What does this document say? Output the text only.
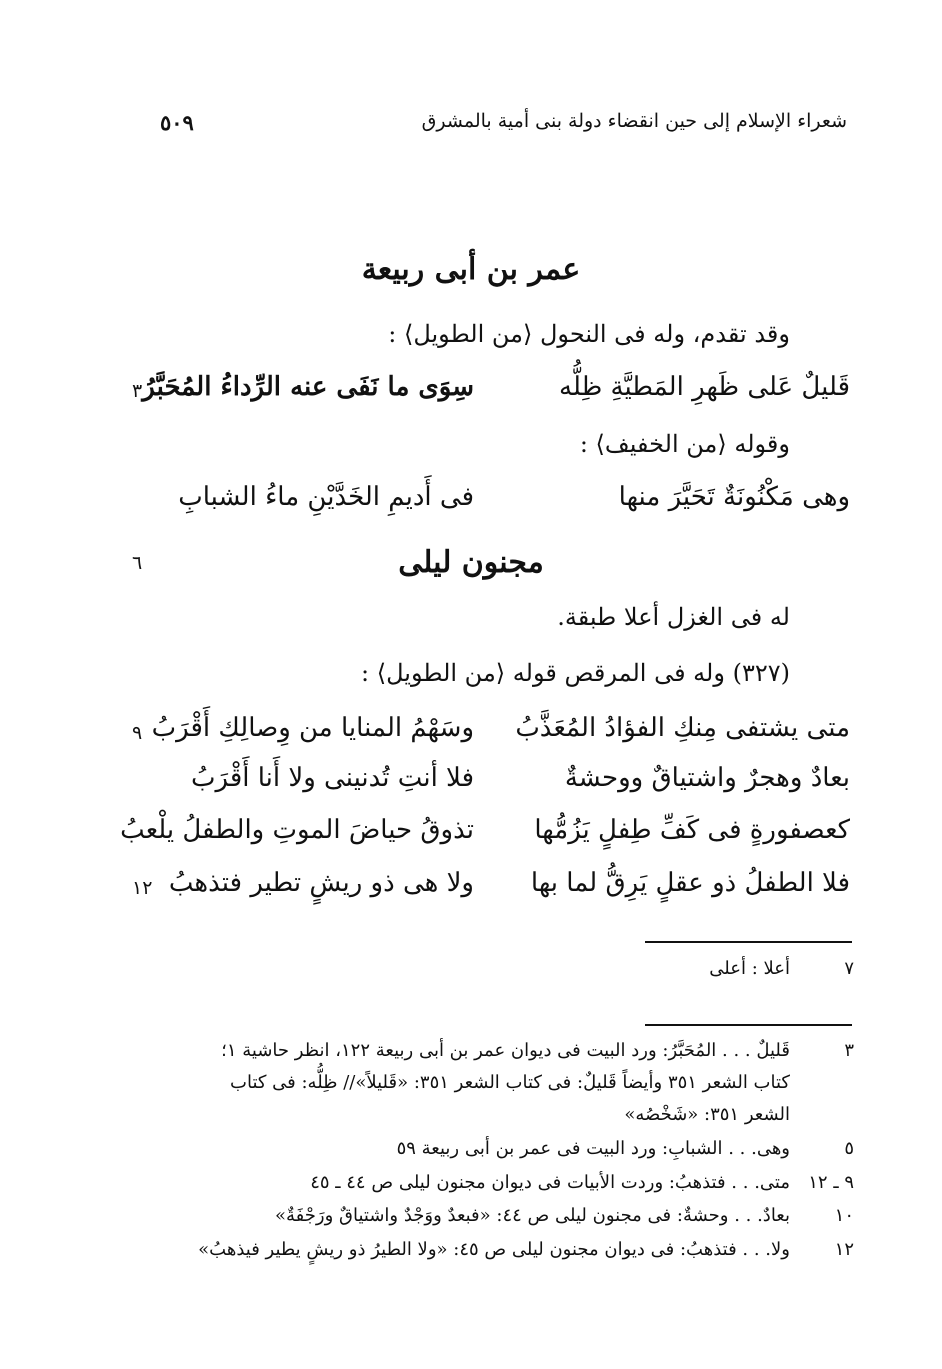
شعراء الإسلام إلى حين انقضاء دولة بنى أمية بالمشرق
٥٠٩
عمر بن أبى ربيعة
وقد تقدم، وله فى النحول ⟨من الطويل⟩ :
قَليلٌ عَلى ظَهرِ المَطيَّةِ ظِلُّه
سِوَى ما نَفَى عنه الرِّداءُ المُحَبَّرُ
٣
وقوله ⟨من الخفيف⟩ :
وهى مَكْنُونَةٌ تَحَيَّرَ منها
فى أَديمِ الخَدَّيْنِ ماءُ الشبابِ
مجنون ليلى
٦
له فى الغزل أعلا طبقة.
(٣٢٧) وله فى المرقص قوله ⟨من الطويل⟩ :
متى يشتفى مِنكِ الفؤادُ المُعَذَّبُ
وسَهْمُ المنايا من وِصالِكِ أَقْرَبُ
٩
بعادٌ وهجرٌ واشتياقٌ ووحشةٌ
فلا أنتِ تُدنينى ولا أَنا أَقْرَبُ
كعصفورةٍ فى كَفِّ طِفلٍ يَزُمُّها
تذوقُ حياضَ الموتِ والطفلُ يلْعبُ
فلا الطفلُ ذو عقلٍ يَرِقُّ لما بها
ولا هى ذو ريشٍ تطير فتذهبُ
١٢
٧
أعلا : أعلى
٣
قَليلٌ . . . المُحَبَّرُ: ورد البيت فى ديوان عمر بن أبى ربيعة ١٢٢، انظر حاشية ١؛
كتاب الشعر ٣٥١ وأيضاً قَليلٌ: فى كتاب الشعر ٣٥١: «قَليلاً»// ظِلُّه: فى كتاب
الشعر ٣٥١: «شَخْصُه»
٥
وهى. . . الشبابِ: ورد البيت فى عمر بن أبى ربيعة ٥٩
٩ ـ ١٢
متى. . . فتذهبُ: وردت الأبيات فى ديوان مجنون ليلى ص ٤٤ ـ ٤٥
١٠
بعادٌ. . . وحشةٌ: فى مجنون ليلى ص ٤٤: «فبعدٌ ووَجْدٌ واشتياقٌ ورَجْفَةٌ»
١٢
ولا. . . فتذهبُ: فى ديوان مجنون ليلى ص ٤٥: «ولا الطيرُ ذو ريشٍ يطير فيذهبُ»
